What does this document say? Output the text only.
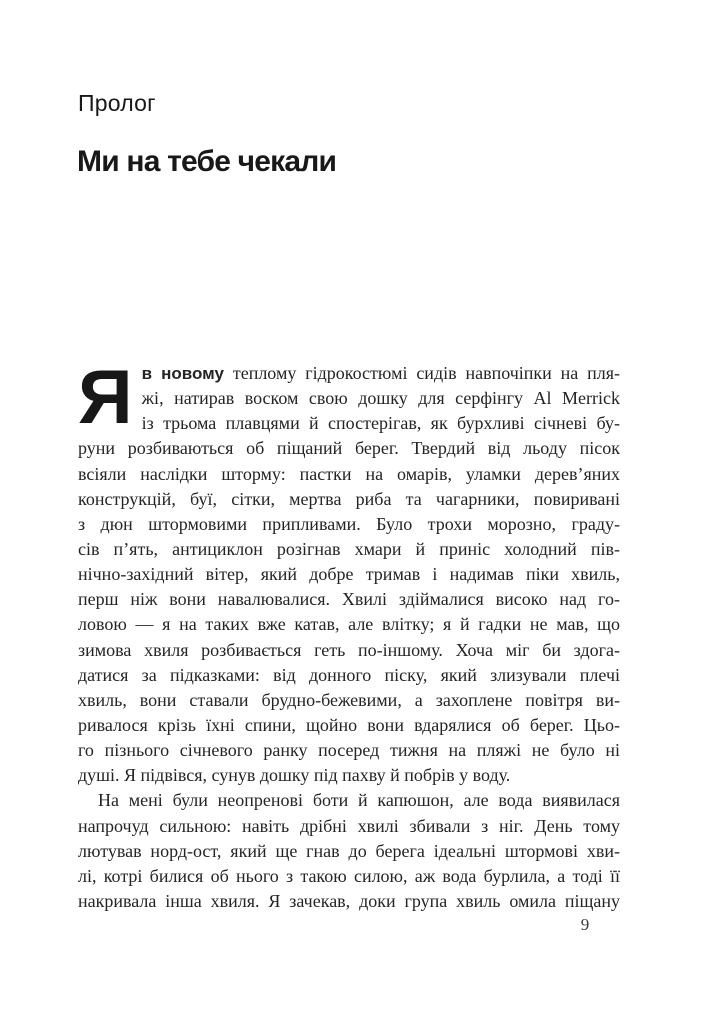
Пролог
Ми на тебе чекали
Я в новому теплому гідрокостюмі сидів навпочіпки на пля-
жі, натирав воском свою дошку для серфінгу Al Merrick
із трьома плавцями й спостерігав, як бурхливі січневі бу-
руни розбиваються об піщаний берег. Твердий від льоду пісок
всіяли наслідки шторму: пастки на омарів, уламки дерев’яних
конструкцій, буї, сітки, мертва риба та чагарники, повиривані
з дюн штормовими припливами. Було трохи морозно, граду-
сів п’ять, антициклон розігнав хмари й приніс холодний пів-
нічно-західний вітер, який добре тримав і надимав піки хвиль,
перш ніж вони навалювалися. Хвилі здіймалися високо над го-
ловою — я на таких вже катав, але влітку; я й гадки не мав, що
зимова хвиля розбивається геть по-іншому. Хоча міг би здога-
датися за підказками: від донного піску, який злизували плечі
хвиль, вони ставали брудно-бежевими, а захоплене повітря ви-
ривалося крізь їхні спини, щойно вони вдарялися об берег. Цьо-
го пізнього січневого ранку посеред тижня на пляжі не було ні
душі. Я підвівся, сунув дошку під пахву й побрів у воду.
На мені були неопренові боти й капюшон, але вода виявилася
напрочуд сильною: навіть дрібні хвилі збивали з ніг. День тому
лютував норд-ост, який ще гнав до берега ідеальні штормові хви-
лі, котрі билися об нього з такою силою, аж вода бурлила, а тоді її
накривала інша хвиля. Я зачекав, доки група хвиль омила піщану
9
